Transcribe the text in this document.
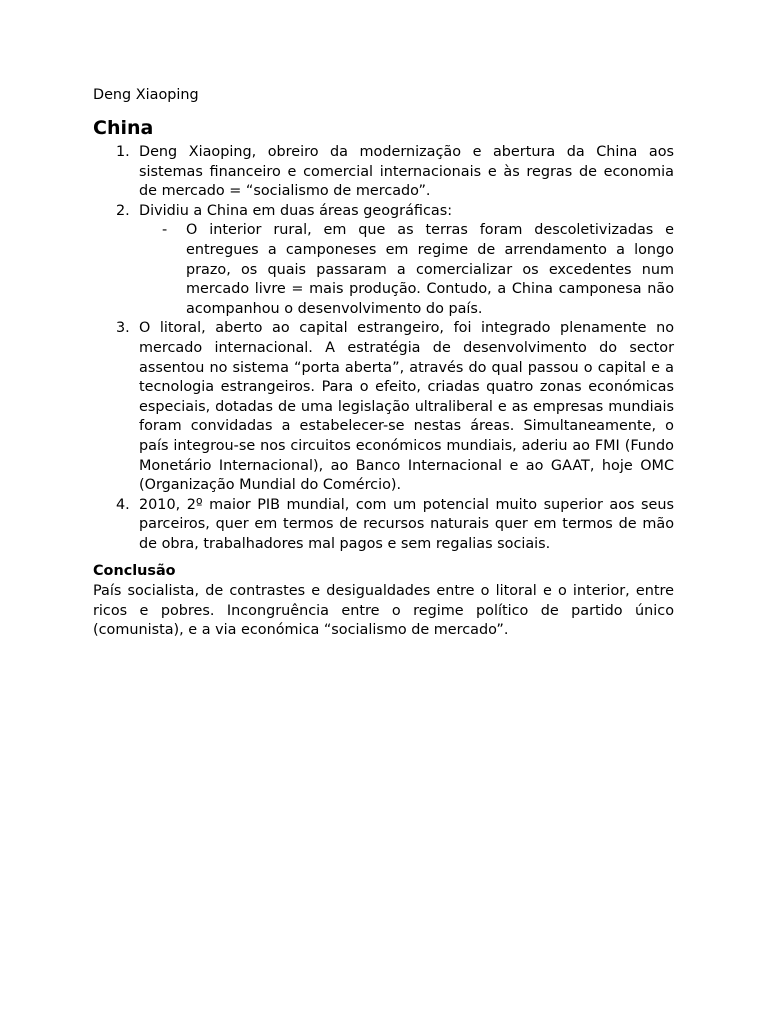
Deng Xiaoping

China
1. Deng Xiaoping, obreiro da modernização e abertura da China aos sistemas financeiro e comercial internacionais e às regras de economia de mercado = “socialismo de mercado”.
2. Dividiu a China em duas áreas geográficas:
- O interior rural, em que as terras foram descoletivizadas e entregues a camponeses em regime de arrendamento a longo prazo, os quais passaram a comercializar os excedentes num mercado livre = mais produção. Contudo, a China camponesa não acompanhou o desenvolvimento do país.
3. O litoral, aberto ao capital estrangeiro, foi integrado plenamente no mercado internacional. A estratégia de desenvolvimento do sector assentou no sistema “porta aberta”, através do qual passou o capital e a tecnologia estrangeiros. Para o efeito, criadas quatro zonas económicas especiais, dotadas de uma legislação ultraliberal e as empresas mundiais foram convidadas a estabelecer-se nestas áreas. Simultaneamente, o país integrou-se nos circuitos económicos mundiais, aderiu ao FMI (Fundo Monetário Internacional), ao Banco Internacional e ao GAAT, hoje OMC (Organização Mundial do Comércio).
4. 2010, 2º maior PIB mundial, com um potencial muito superior aos seus parceiros, quer em termos de recursos naturais quer em termos de mão de obra, trabalhadores mal pagos e sem regalias sociais.

Conclusão

País socialista, de contrastes e desigualdades entre o litoral e o interior, entre ricos e pobres. Incongruência entre o regime político de partido único (comunista), e a via económica “socialismo de mercado”.
